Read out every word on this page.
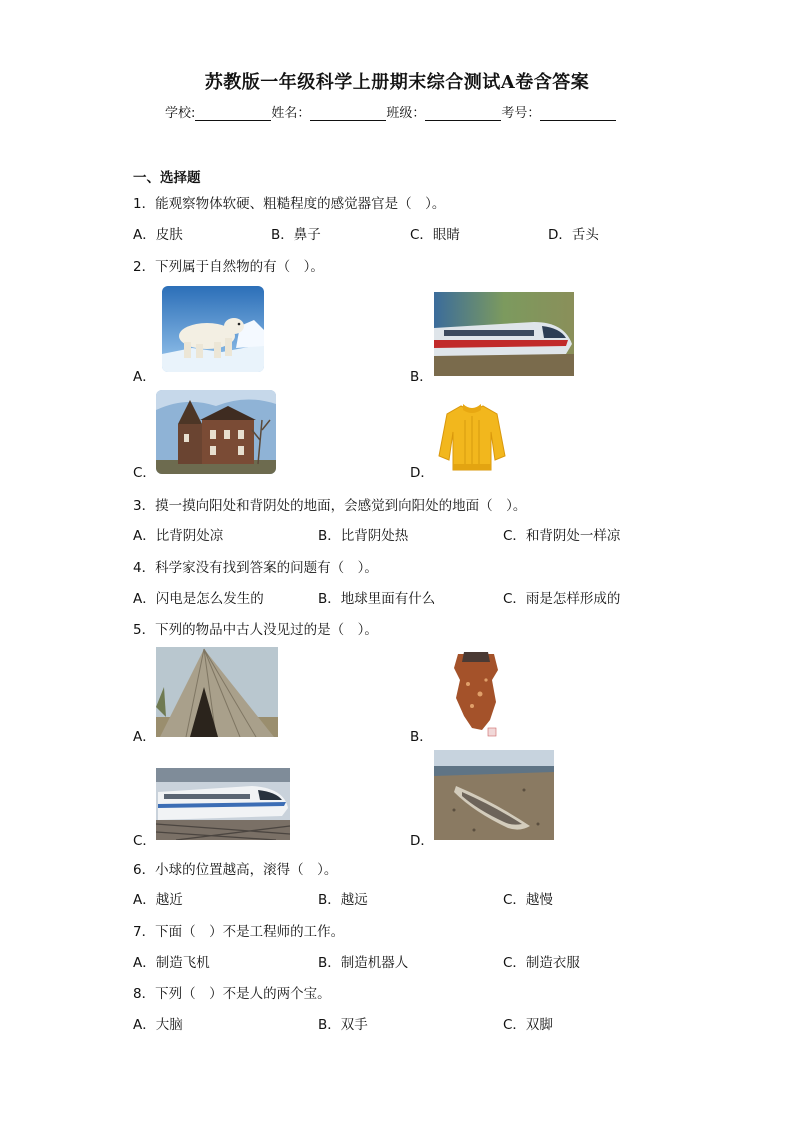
苏教版一年级科学上册期末综合测试A卷含答案
学校:	姓名：	班级：	考号：
一、选择题
1．能观察物体软硬、粗糙程度的感觉器官是（　）。
A．皮肤	B．鼻子	C．眼睛	D．舌头
2．下列属于自然物的有（　）。
A．	B．
C．	D．
3．摸一摸向阳处和背阴处的地面，会感觉到向阳处的地面（　）。
A．比背阴处凉	B．比背阴处热	C．和背阴处一样凉
4．科学家没有找到答案的问题有（　）。
A．闪电是怎么发生的	B．地球里面有什么	C．雨是怎样形成的
5．下列的物品中古人没见过的是（　）。
A．	B．
C．	D．
6．小球的位置越高，滚得（　）。
A．越近	B．越远	C．越慢
7．下面（　）不是工程师的工作。
A．制造飞机	B．制造机器人	C．制造衣服
8．下列（　）不是人的两个宝。
A．大脑	B．双手	C．双脚
